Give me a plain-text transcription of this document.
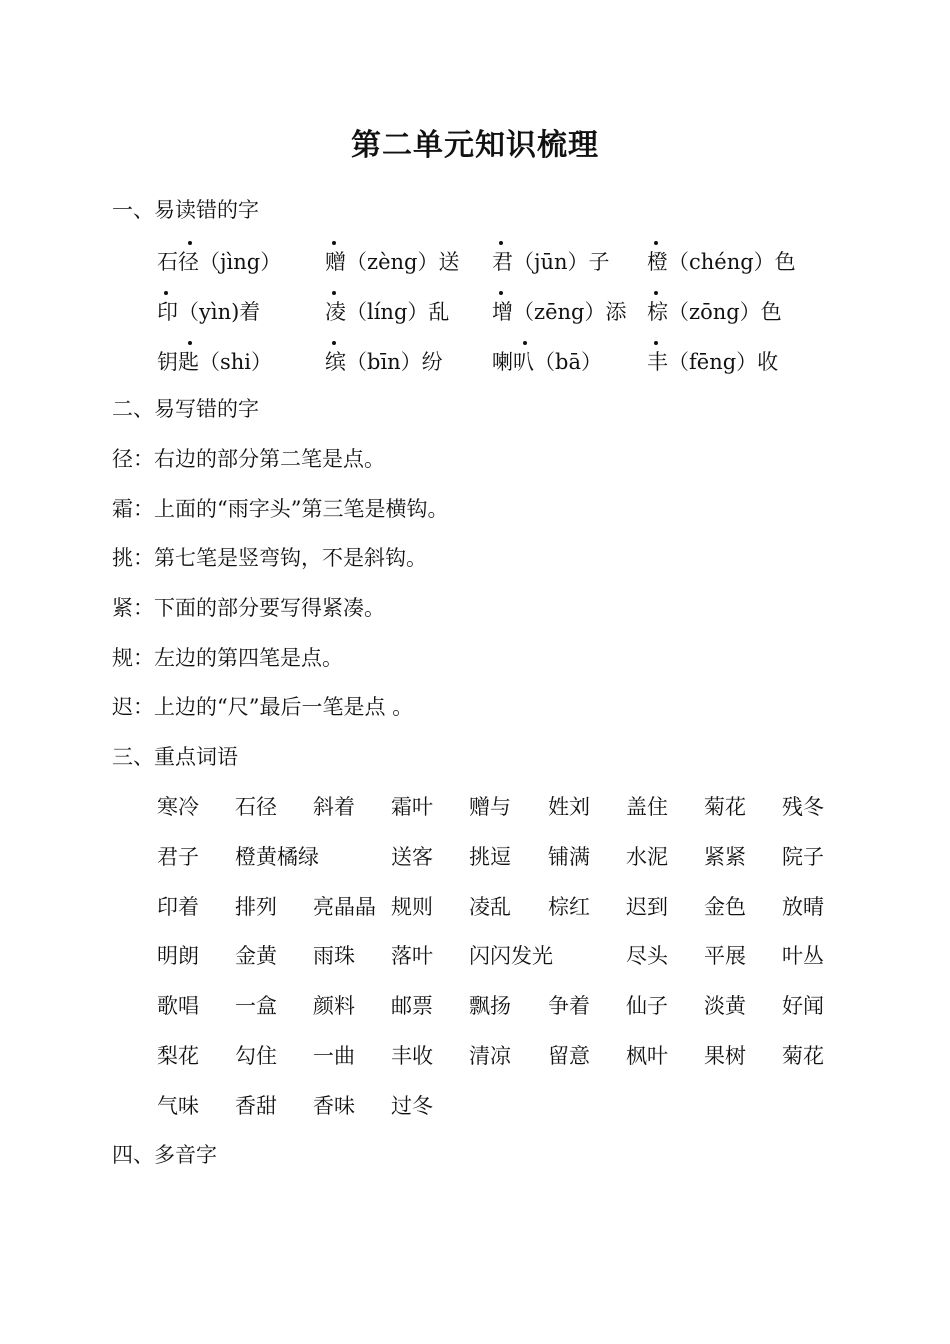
第二单元知识梳理
一、易读错的字
石径（jìng） 赠（zèng）送 君（jūn）子 橙（chéng）色
印（yìn)着	凌（líng）乱 增（zēng）添 棕（zōng）色
钥匙（shi）	缤（bīn）纷 喇叭（bā） 丰（fēng）收
二、易写错的字
径：右边的部分第二笔是点。
霜：上面的“雨字头”第三笔是横钩。
挑：第七笔是竖弯钩，不是斜钩。
紧：下面的部分要写得紧凑。
规：左边的第四笔是点。
迟：上边的“尺”最后一笔是点 。
三、重点词语
寒冷 石径 斜着 霜叶 赠与 姓刘 盖住 菊花 残冬
君子 橙黄橘绿	送客 挑逗 铺满 水泥 紧紧 院子
印着 排列 亮晶晶 规则 凌乱 棕红 迟到 金色 放晴
明朗 金黄 雨珠 落叶 闪闪发光	尽头 平展 叶丛
歌唱 一盒 颜料 邮票 飘扬 争着 仙子 淡黄 好闻
梨花 勾住 一曲 丰收 清凉 留意 枫叶 果树 菊花
气味 香甜 香味 过冬
四、多音字
